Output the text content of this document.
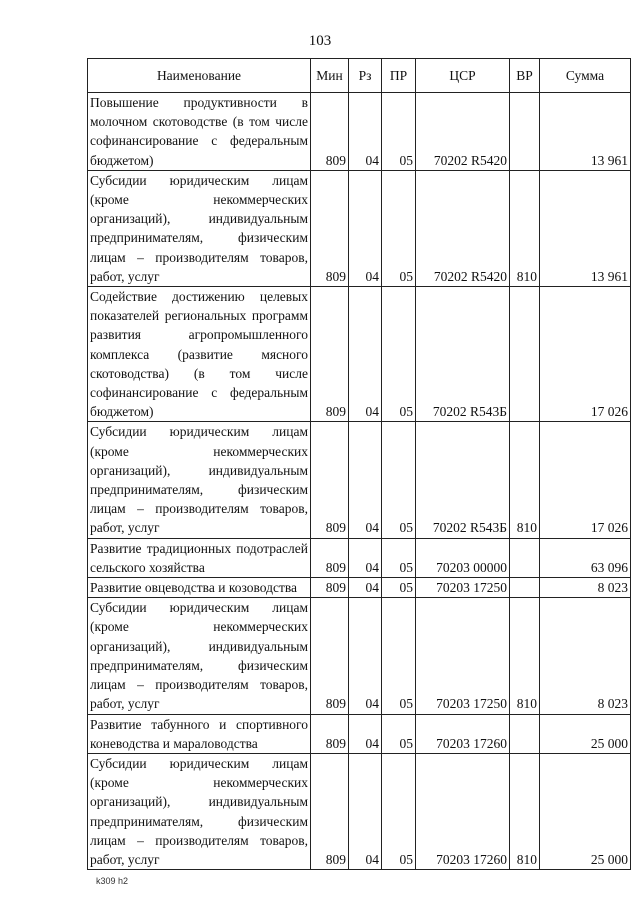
103
Наименование	Мин	Рз	ПР	ЦСР	ВР	Сумма
Повышение продуктивности в молочном скотоводстве (в том числе софинансирование с федеральным бюджетом)	809	04	05	70202 R5420		13 961
Субсидии юридическим лицам (кроме некоммерческих организаций), индивидуальным предпринимателям, физическим лицам – производителям товаров, работ, услуг	809	04	05	70202 R5420	810	13 961
Содействие достижению целевых показателей региональных программ развития агропромышленного комплекса (развитие мясного скотоводства) (в том числе софинансирование с федеральным бюджетом)	809	04	05	70202 R543Б		17 026
Субсидии юридическим лицам (кроме некоммерческих организаций), индивидуальным предпринимателям, физическим лицам – производителям товаров, работ, услуг	809	04	05	70202 R543Б	810	17 026
Развитие традиционных подотраслей сельского хозяйства	809	04	05	70203 00000		63 096
Развитие овцеводства и козоводства	809	04	05	70203 17250		8 023
Субсидии юридическим лицам (кроме некоммерческих организаций), индивидуальным предпринимателям, физическим лицам – производителям товаров, работ, услуг	809	04	05	70203 17250	810	8 023
Развитие табунного и спортивного коневодства и мараловодства	809	04	05	70203 17260		25 000
Субсидии юридическим лицам (кроме некоммерческих организаций), индивидуальным предпринимателям, физическим лицам – производителям товаров, работ, услуг	809	04	05	70203 17260	810	25 000
k309 h2
